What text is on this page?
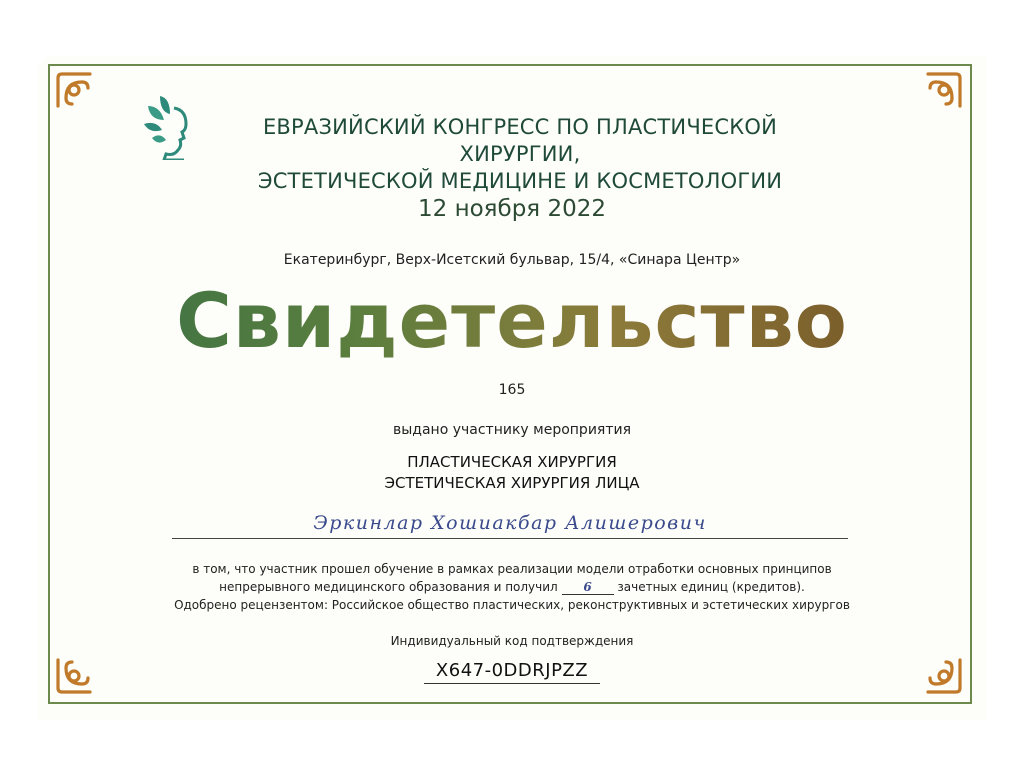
ЕВРАЗИЙСКИЙ КОНГРЕСС ПО ПЛАСТИЧЕСКОЙ ХИРУРГИИ,
ЭСТЕТИЧЕСКОЙ МЕДИЦИНЕ И КОСМЕТОЛОГИИ
12 ноября 2022
Екатеринбург, Верх-Исетский бульвар, 15/4, «Синара Центр»
Свидетельство
165
выдано участнику мероприятия
ПЛАСТИЧЕСКАЯ ХИРУРГИЯ
ЭСТЕТИЧЕСКАЯ ХИРУРГИЯ ЛИЦА
Эркинлар Хошиакбар Алишерович
в том, что участник прошел обучение в рамках реализации модели отработки основных принципов
непрерывного медицинского образования и получил 6 зачетных единиц (кредитов).
Одобрено рецензентом: Российское общество пластических, реконструктивных и эстетических хирургов
Индивидуальный код подтверждения
X647-0DDRJPZZ
